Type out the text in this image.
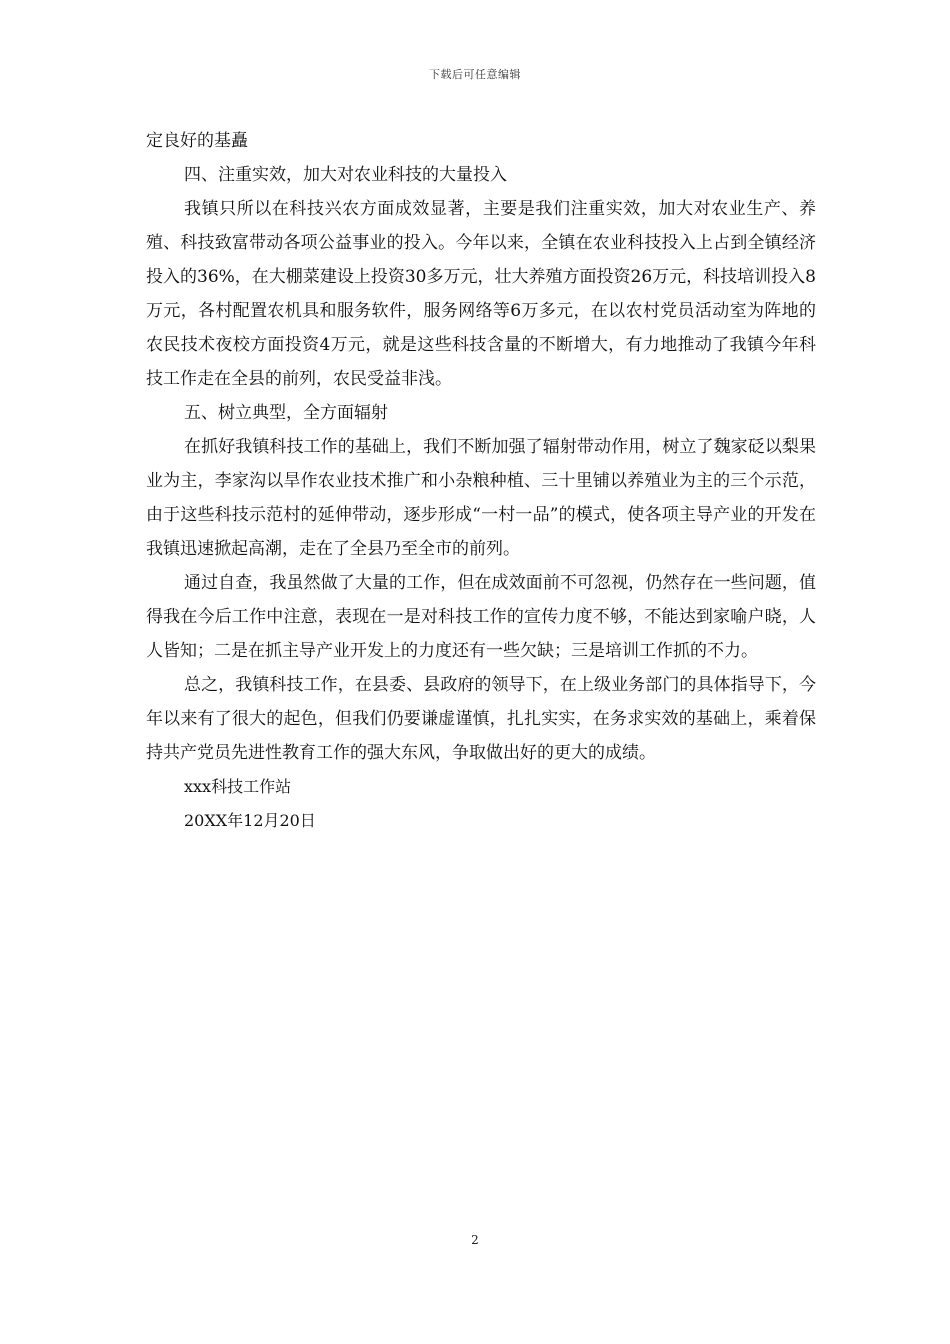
下载后可任意编辑

定良好的基矗

四、注重实效，加大对农业科技的大量投入

我镇只所以在科技兴农方面成效显著，主要是我们注重实效，加大对农业生产、养殖、科技致富带动各项公益事业的投入。今年以来，全镇在农业科技投入上占到全镇经济投入的36%，在大棚菜建设上投资30多万元，壮大养殖方面投资26万元，科技培训投入8万元，各村配置农机具和服务软件，服务网络等6万多元，在以农村党员活动室为阵地的农民技术夜校方面投资4万元，就是这些科技含量的不断增大，有力地推动了我镇今年科技工作走在全县的前列，农民受益非浅。

五、树立典型，全方面辐射

在抓好我镇科技工作的基础上，我们不断加强了辐射带动作用，树立了魏家砭以梨果业为主，李家沟以旱作农业技术推广和小杂粮种植、三十里铺以养殖业为主的三个示范，由于这些科技示范村的延伸带动，逐步形成“一村一品”的模式，使各项主导产业的开发在我镇迅速掀起高潮，走在了全县乃至全市的前列。

通过自查，我虽然做了大量的工作，但在成效面前不可忽视，仍然存在一些问题，值得我在今后工作中注意，表现在一是对科技工作的宣传力度不够，不能达到家喻户晓，人人皆知；二是在抓主导产业开发上的力度还有一些欠缺；三是培训工作抓的不力。

总之，我镇科技工作，在县委、县政府的领导下，在上级业务部门的具体指导下，今年以来有了很大的起色，但我们仍要谦虚谨慎，扎扎实实，在务求实效的基础上，乘着保持共产党员先进性教育工作的强大东风，争取做出好的更大的成绩。

xxx科技工作站

20XX年12月20日

2
